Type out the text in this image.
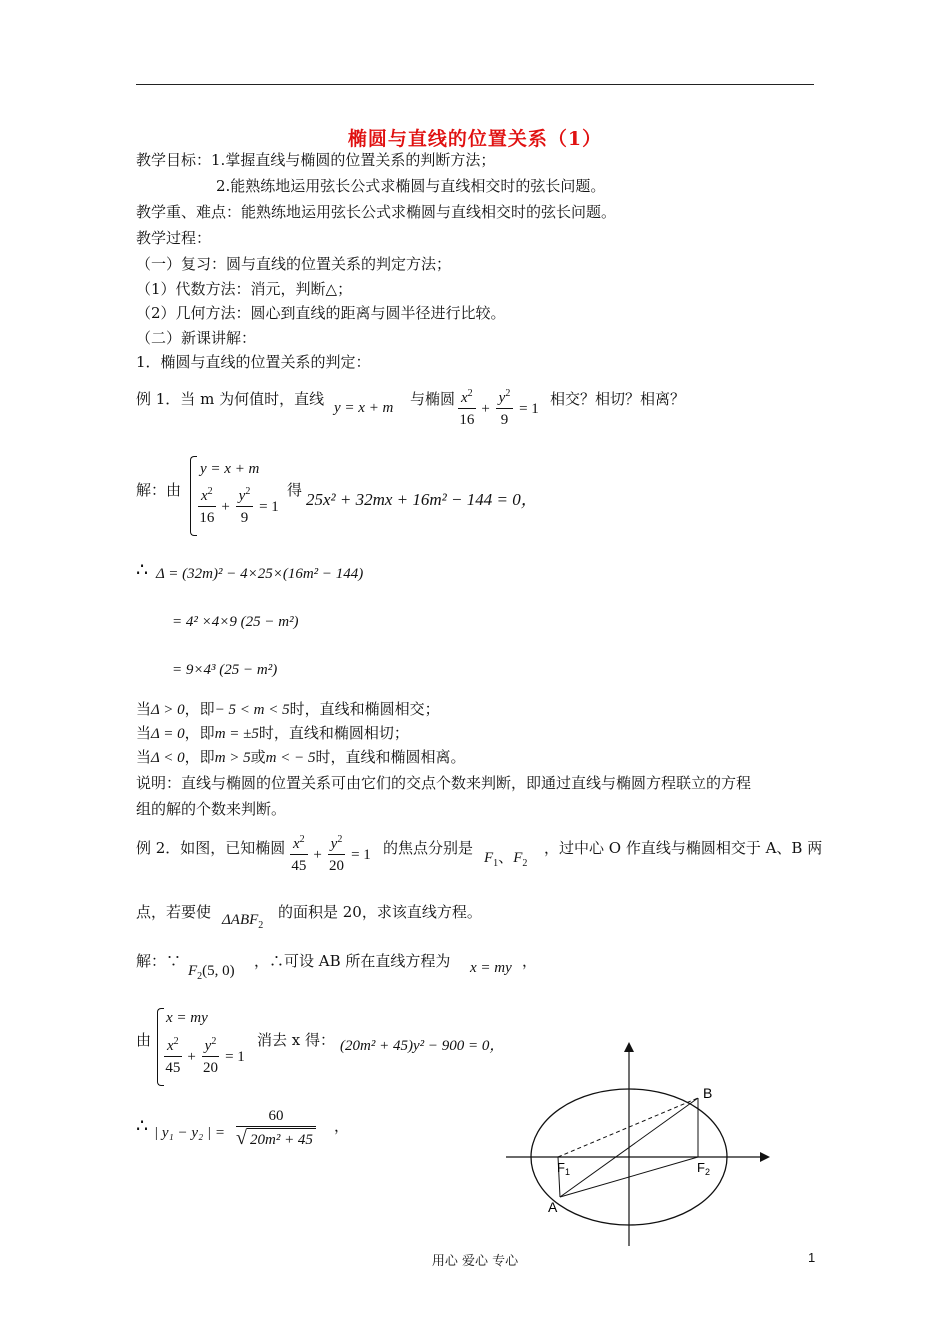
椭圆与直线的位置关系（1）
教学目标：1.掌握直线与椭圆的位置关系的判断方法；
2.能熟练地运用弦长公式求椭圆与直线相交时的弦长问题。
教学重、难点：能熟练地运用弦长公式求椭圆与直线相交时的弦长问题。
教学过程：
（一）复习：圆与直线的位置关系的判定方法；
（1）代数方法：消元，判断△；
（2）几何方法：圆心到直线的距离与圆半径进行比较。
（二）新课讲解：
1．椭圆与直线的位置关系的判定：
例 1．当 m 为何值时，直线 y = x + m 与椭圆 $\frac{x^2}{16} + \frac{y^2}{9} = 1$
相交？相切？相离？
解：由
y = x + m
$\frac{x^2}{16} + \frac{y^2}{9} = 1$
得 25x² + 32mx + 16m² − 144 = 0，
∴ Δ = (32m)² − 4×25×(16m² − 144)
= 4² ×4×9 (25 − m²)
= 9×4³ (25 − m²)
当Δ > 0，即− 5 < m < 5时，直线和椭圆相交；
当Δ = 0，即m = ±5时，直线和椭圆相切；
当Δ < 0，即m > 5或m < − 5时，直线和椭圆相离。
说明：直线与椭圆的位置关系可由它们的交点个数来判断，即通过直线与椭圆方程联立的方程
组的解的个数来判断。
例 2．如图，已知椭圆 $\frac{x^2}{45} + \frac{y^2}{20} = 1$ 的焦点分别是
$F_1$、$F_2$
，过中心 O 作直线与椭圆相交于 A、B 两
点，若要使 $\Delta ABF_2$
的面积是 20，求该直线方程。
解：∵
$F_2(5$, 0)
，∴可设 AB 所在直线方程为 x = my ，
由
x = my
$\frac{x^2}{45} + \frac{y^2}{20} = 1$
消去 x 得： (20m² + 45)y² − 900 = 0，
∴ | y₁ − y₂ | = $\frac{60}{\text{√ 20m² + 45}}$ ，
B
A
$F_1$	$F_2$
用心 爱心 专心	1
